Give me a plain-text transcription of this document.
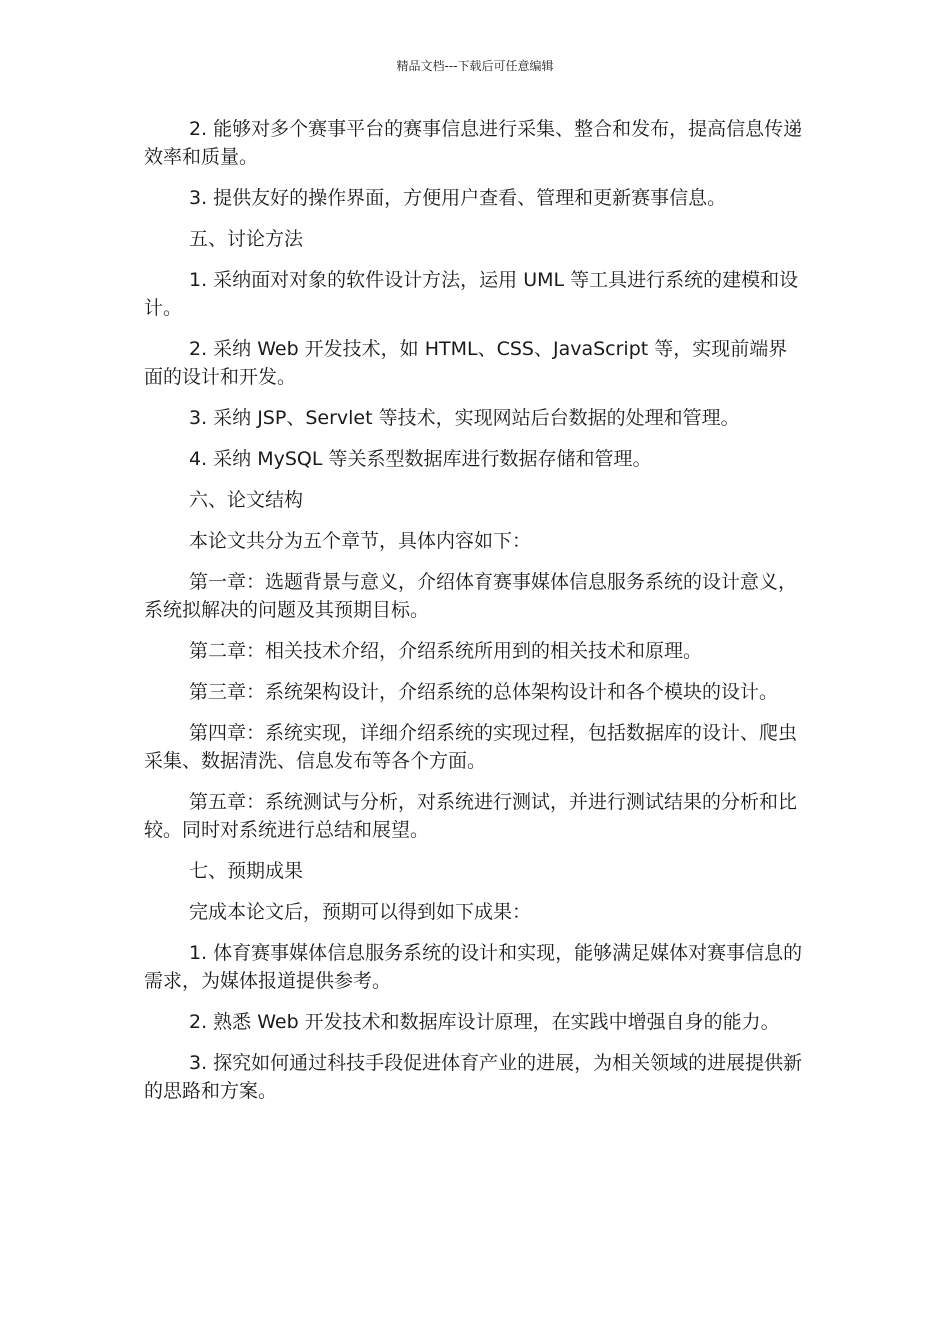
精品文档---下载后可任意编辑

2. 能够对多个赛事平台的赛事信息进行采集、整合和发布，提高信息传递效率和质量。

3. 提供友好的操作界面，方便用户查看、管理和更新赛事信息。

五、讨论方法

1. 采纳面对对象的软件设计方法，运用 UML 等工具进行系统的建模和设计。

2. 采纳 Web 开发技术，如 HTML、CSS、JavaScript 等，实现前端界面的设计和开发。

3. 采纳 JSP、Servlet 等技术，实现网站后台数据的处理和管理。

4. 采纳 MySQL 等关系型数据库进行数据存储和管理。

六、论文结构

本论文共分为五个章节，具体内容如下：

第一章：选题背景与意义，介绍体育赛事媒体信息服务系统的设计意义，系统拟解决的问题及其预期目标。

第二章：相关技术介绍，介绍系统所用到的相关技术和原理。

第三章：系统架构设计，介绍系统的总体架构设计和各个模块的设计。

第四章：系统实现，详细介绍系统的实现过程，包括数据库的设计、爬虫采集、数据清洗、信息发布等各个方面。

第五章：系统测试与分析，对系统进行测试，并进行测试结果的分析和比较。同时对系统进行总结和展望。

七、预期成果

完成本论文后，预期可以得到如下成果：

1. 体育赛事媒体信息服务系统的设计和实现，能够满足媒体对赛事信息的需求，为媒体报道提供参考。

2. 熟悉 Web 开发技术和数据库设计原理，在实践中增强自身的能力。

3. 探究如何通过科技手段促进体育产业的进展，为相关领域的进展提供新的思路和方案。
